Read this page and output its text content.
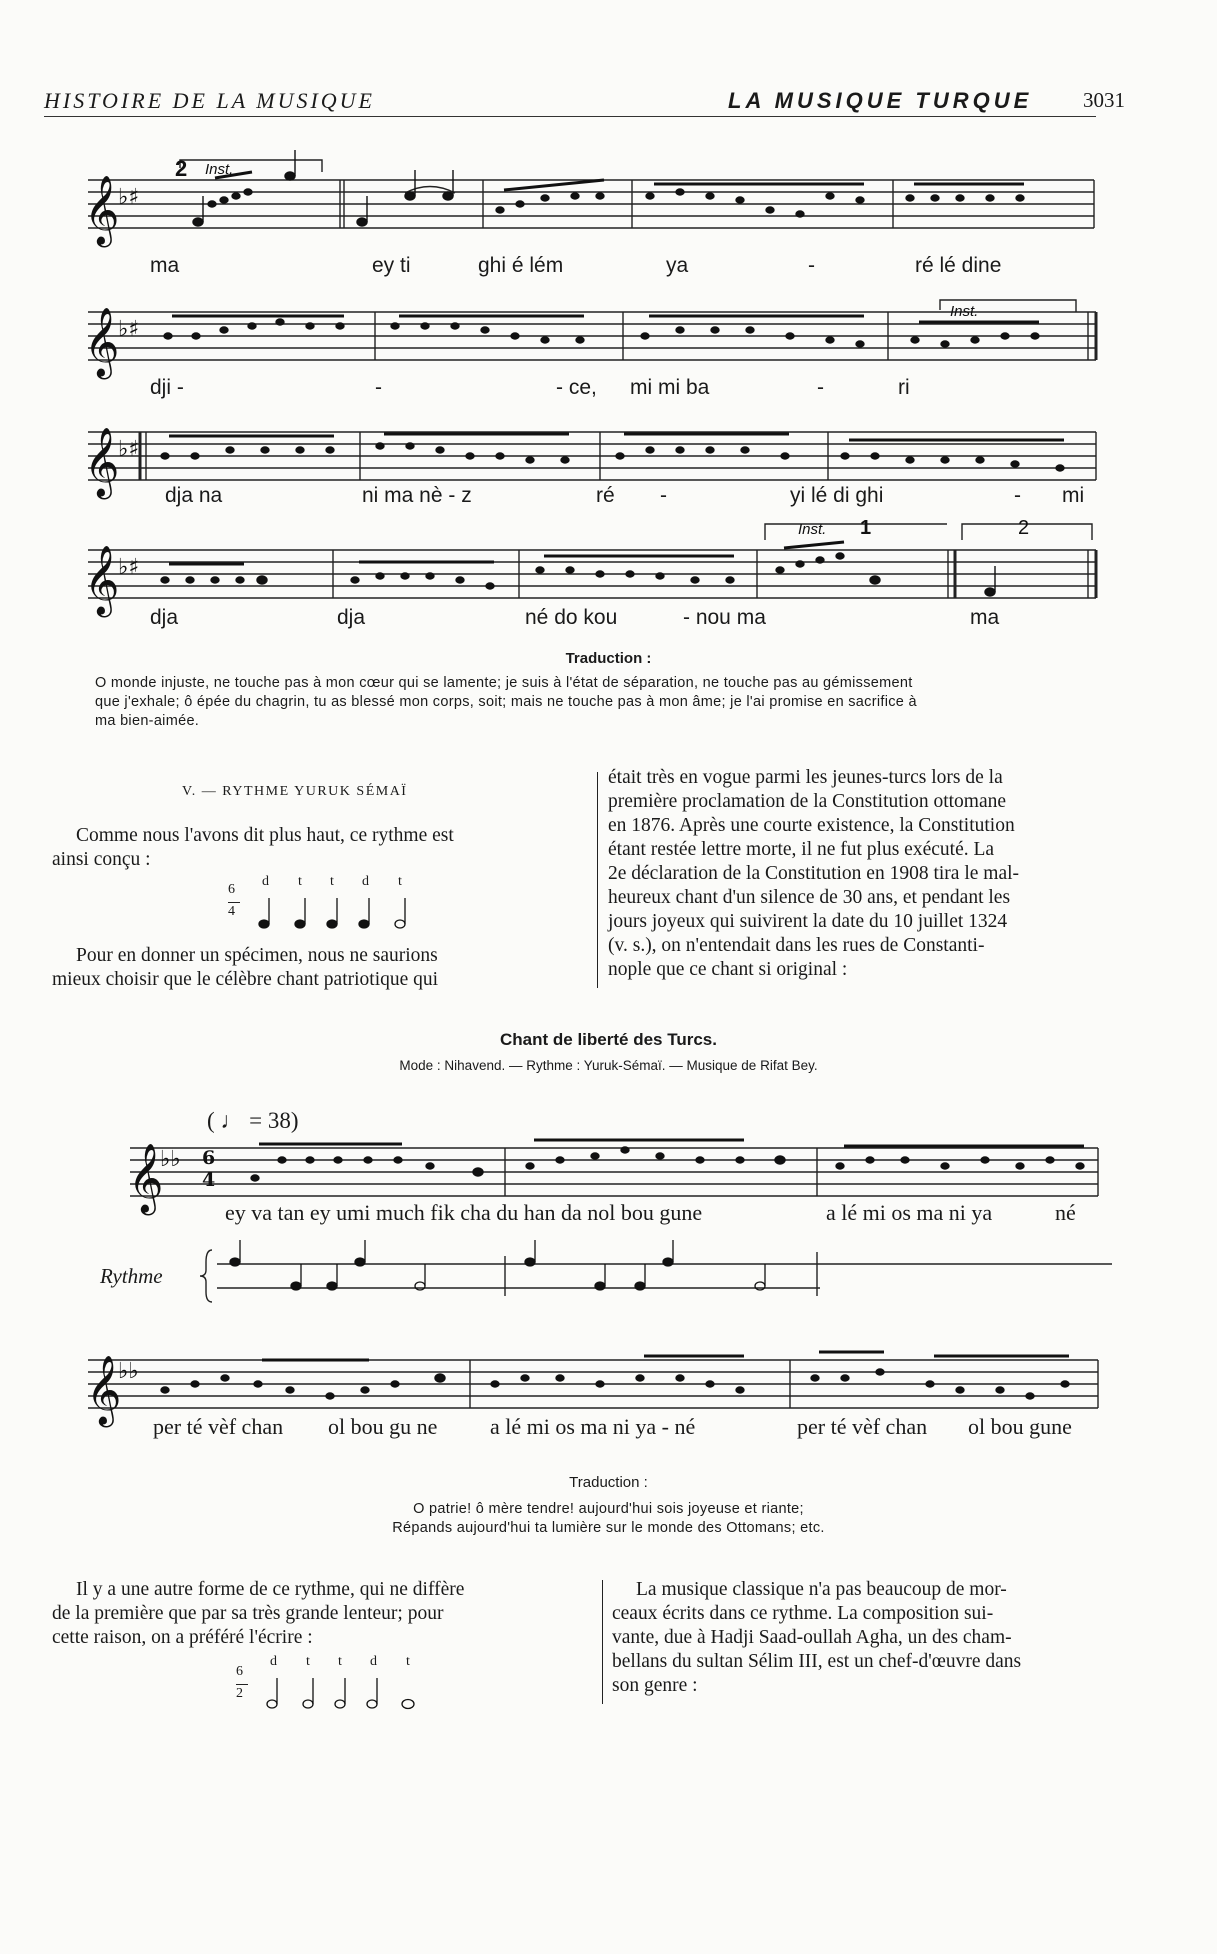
HISTOIRE DE LA MUSIQUE	LA MUSIQUE TURQUE 3031
𝄞
𝄞
𝄞
𝄞
♭♯
♭♯
♭♯
♭♯
2 Inst.
Inst.
Inst. 1	2
ma	ey ti	ghi é lém	ya	-	ré lé dine
dji -	-	- ce, mi mi ba	-	ri
dja na	ni ma nè - z	ré -	yi lé di ghi	- mi
dja	dja	né do kou	- nou ma	ma
Traduction :
O monde injuste, ne touche pas à mon cœur qui se lamente; je suis à l'état de séparation, ne touche pas au gémissement
que j'exhale; ô épée du chagrin, tu as blessé mon corps, soit; mais ne touche pas à mon âme; je l'ai promise en sacrifice à
ma bien-aimée.
V. — RYTHME YURUK SÉMAÏ
Comme nous l'avons dit plus haut, ce rythme est
ainsi conçu :
6
4
d t t d t
Pour en donner un spécimen, nous ne saurions
mieux choisir que le célèbre chant patriotique qui
était très en vogue parmi les jeunes-turcs lors de la
première proclamation de la Constitution ottomane
en 1876. Après une courte existence, la Constitution
étant restée lettre morte, il ne fut plus exécuté. La
2e déclaration de la Constitution en 1908 tira le mal-
heureux chant d'un silence de 30 ans, et pendant les
jours joyeux qui suivirent la date du 10 juillet 1324
(v. s.), on n'entendait dans les rues de Constanti-
nople que ce chant si original :
Chant de liberté des Turcs.
Mode : Nihavend. — Rythme : Yuruk-Sémaï. — Musique de Rifat Bey.
𝄞
𝄞
♭♭
♭♭
6
4
( ♩ = 38)
Rythme
ey va tan ey umi much fik cha du han da nol bou gune	a lé mi os ma ni ya	né
per té vèf chan ol bou gu ne a lé mi os ma ni ya - né	per té vèf chan ol bou gune
Traduction :
O patrie! ô mère tendre! aujourd'hui sois joyeuse et riante;
Répands aujourd'hui ta lumière sur le monde des Ottomans; etc.
Il y a une autre forme de ce rythme, qui ne diffère
de la première que par sa très grande lenteur; pour
cette raison, on a préféré l'écrire :
6
2
d t t d t
La musique classique n'a pas beaucoup de mor-
ceaux écrits dans ce rythme. La composition sui-
vante, due à Hadji Saad-oullah Agha, un des cham-
bellans du sultan Sélim III, est un chef-d'œuvre dans
son genre :
